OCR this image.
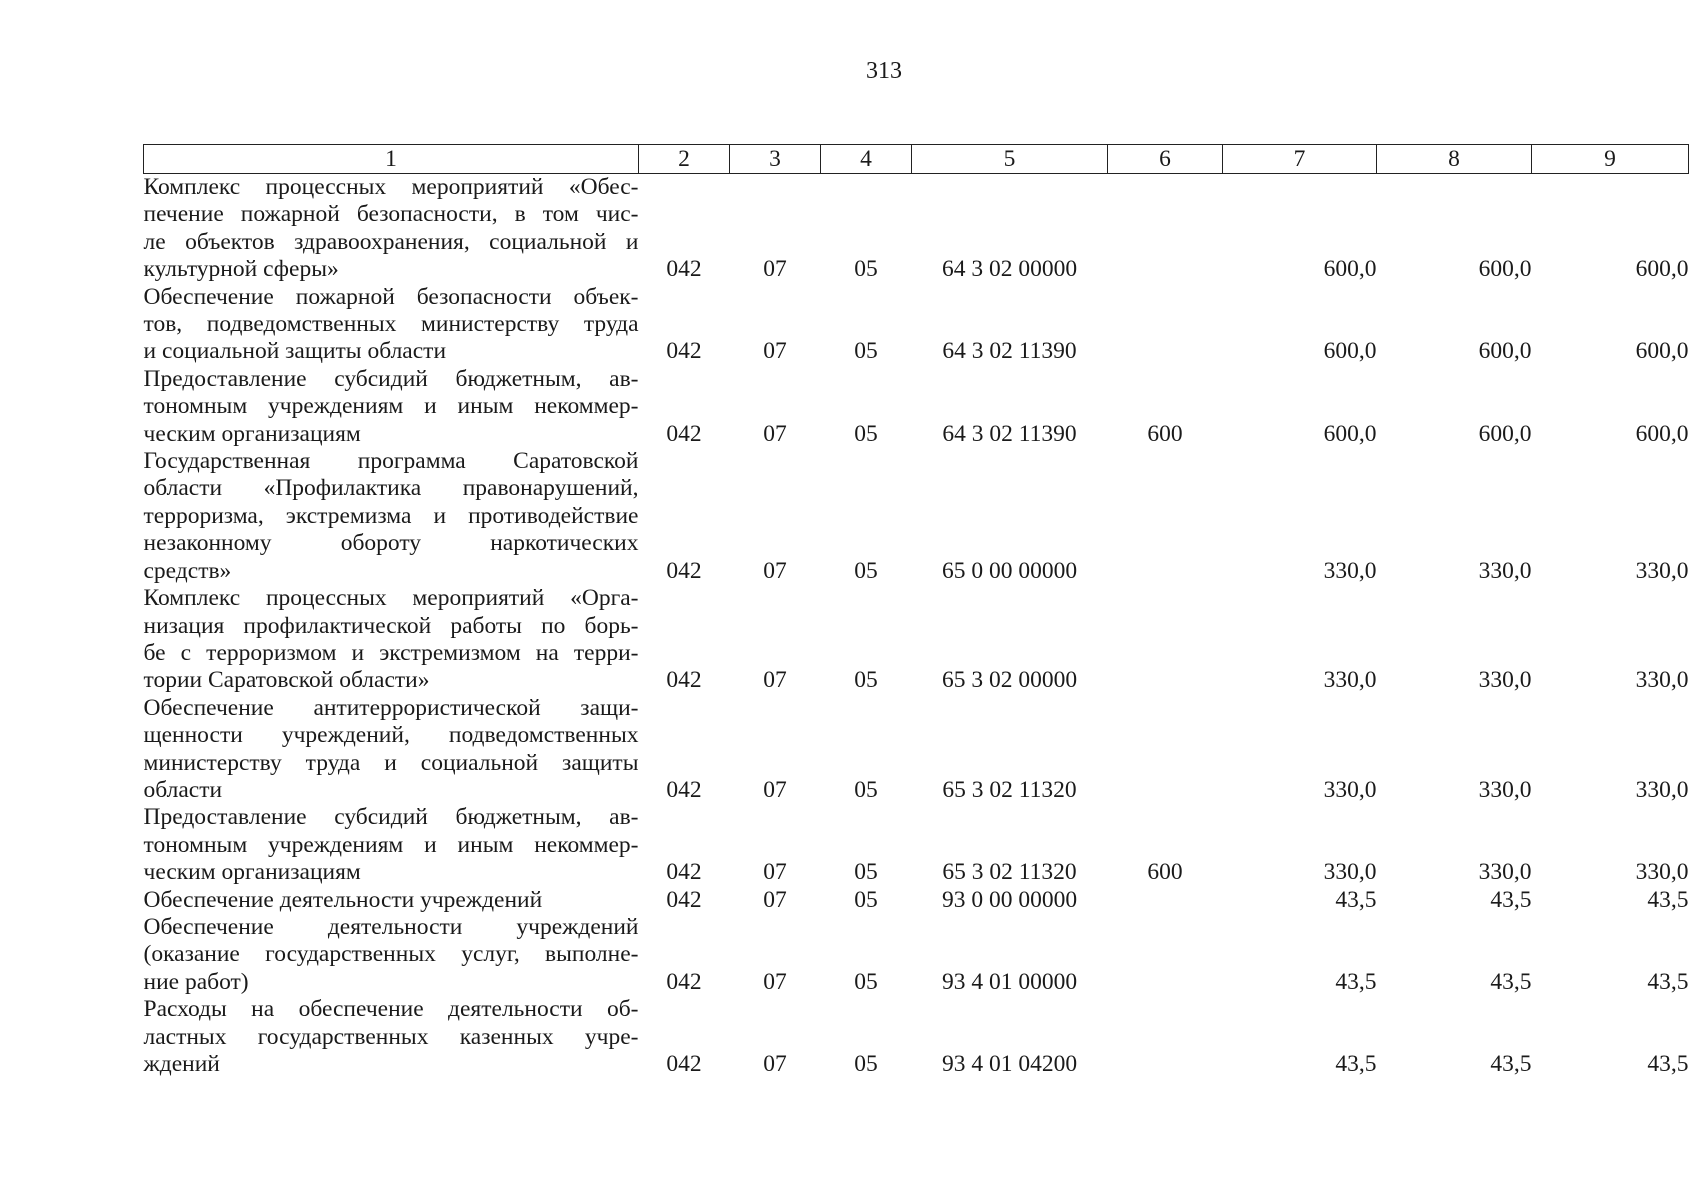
313
1	2	3	4	5	6	7	8	9

Комплекс процессных мероприятий «Обес-
печение пожарной безопасности, в том чис-
ле объектов здравоохранения, социальной и
культурной сферы»	042	07	05	64 3 02 00000		600,0	600,0	600,0

Обеспечение пожарной безопасности объек-
тов, подведомственных министерству труда
и социальной защиты области	042	07	05	64 3 02 11390		600,0	600,0	600,0

Предоставление субсидий бюджетным, ав-
тономным учреждениям и иным некоммер-
ческим организациям	042	07	05	64 3 02 11390	600	600,0	600,0	600,0

Государственная программа Саратовской
области «Профилактика правонарушений,
терроризма, экстремизма и противодействие
незаконному обороту наркотических
средств»	042	07	05	65 0 00 00000		330,0	330,0	330,0

Комплекс процессных мероприятий «Орга-
низация профилактической работы по борь-
бе с терроризмом и экстремизмом на терри-
тории Саратовской области»	042	07	05	65 3 02 00000		330,0	330,0	330,0

Обеспечение антитеррористической защи-
щенности учреждений, подведомственных
министерству труда и социальной защиты
области	042	07	05	65 3 02 11320		330,0	330,0	330,0

Предоставление субсидий бюджетным, ав-
тономным учреждениям и иным некоммер-
ческим организациям	042	07	05	65 3 02 11320	600	330,0	330,0	330,0

Обеспечение деятельности учреждений	042	07	05	93 0 00 00000		43,5	43,5	43,5

Обеспечение деятельности учреждений
(оказание государственных услуг, выполне-
ние работ)	042	07	05	93 4 01 00000		43,5	43,5	43,5

Расходы на обеспечение деятельности об-
ластных государственных казенных учре-
ждений	042	07	05	93 4 01 04200		43,5	43,5	43,5
